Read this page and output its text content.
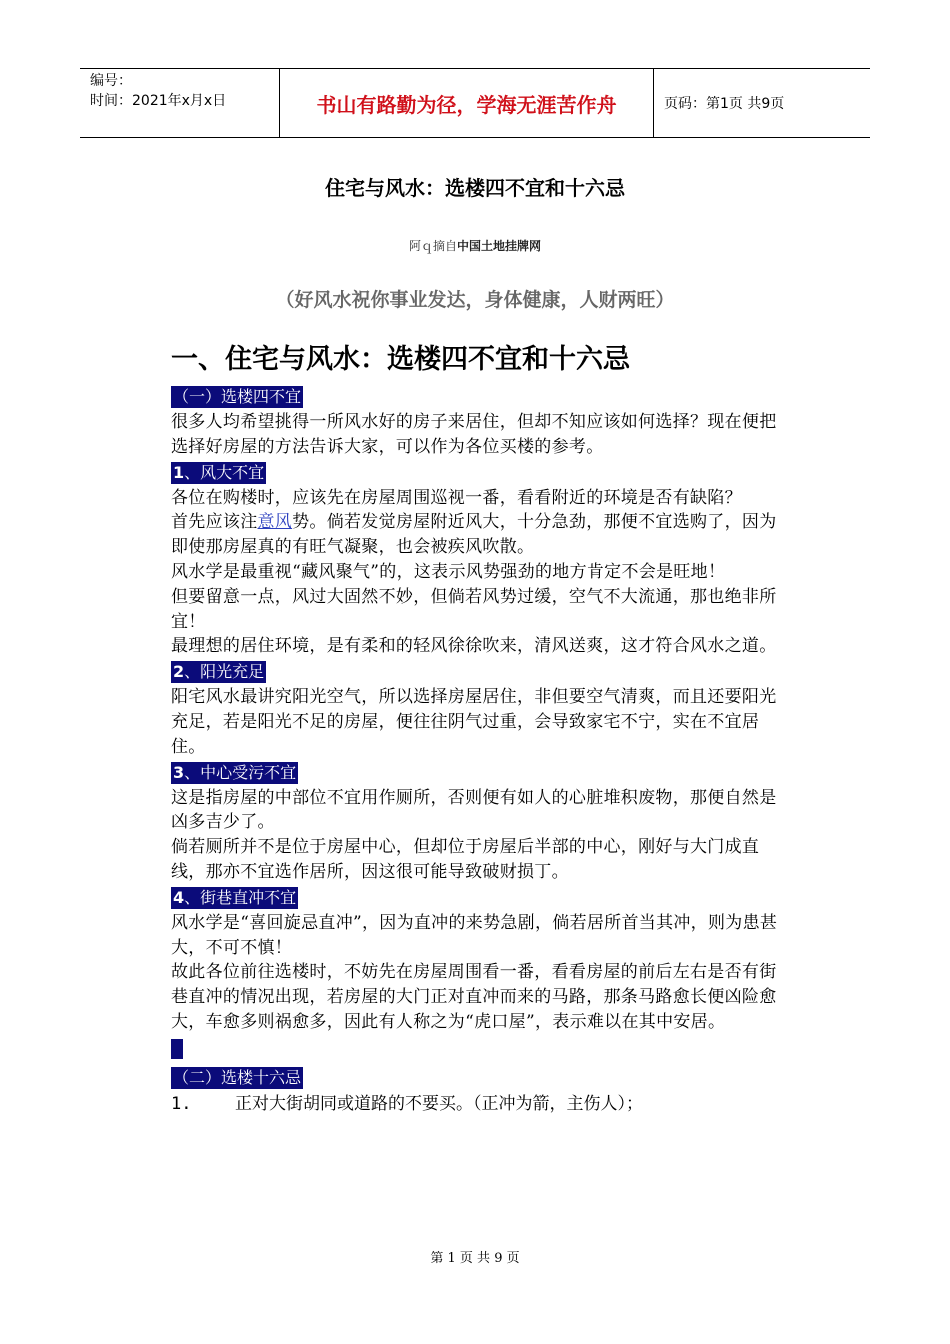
编号：
时间：2021年x月x日	书山有路勤为径，学海无涯苦作舟	页码：第1页 共9页
住宅与风水：选楼四不宜和十六忌
阿ｑ摘自中国土地挂牌网
（好风水祝你事业发达，身体健康，人财两旺）
一、住宅与风水：选楼四不宜和十六忌
（一）选楼四不宜

很多人均希望挑得一所风水好的房子来居住，但却不知应该如何选择？现在便把选择好房屋的方法告诉大家，可以作为各位买楼的参考。

1、风大不宜

各位在购楼时，应该先在房屋周围巡视一番，看看附近的环境是否有缺陷？

首先应该注意风势。倘若发觉房屋附近风大，十分急劲，那便不宜选购了，因为即使那房屋真的有旺气凝聚，也会被疾风吹散。

风水学是最重视“藏风聚气”的，这表示风势强劲的地方肯定不会是旺地！

但要留意一点，风过大固然不妙，但倘若风势过缓，空气不大流通，那也绝非所宜！

最理想的居住环境，是有柔和的轻风徐徐吹来，清风送爽，这才符合风水之道。

2、阳光充足

阳宅风水最讲究阳光空气，所以选择房屋居住，非但要空气清爽，而且还要阳光充足，若是阳光不足的房屋，便往往阴气过重，会导致家宅不宁，实在不宜居住。

3、中心受污不宜

这是指房屋的中部位不宜用作厕所，否则便有如人的心脏堆积废物，那便自然是凶多吉少了。

倘若厕所并不是位于房屋中心，但却位于房屋后半部的中心，刚好与大门成直线，那亦不宜选作居所，因这很可能导致破财损丁。

4、街巷直冲不宜

风水学是“喜回旋忌直冲”，因为直冲的来势急剧，倘若居所首当其冲，则为患甚大，不可不慎！

故此各位前往选楼时，不妨先在房屋周围看一番，看看房屋的前后左右是否有街巷直冲的情况出现，若房屋的大门正对直冲而来的马路，那条马路愈长便凶险愈大，车愈多则祸愈多，因此有人称之为“虎口屋”，表示难以在其中安居。

（二）选楼十六忌
1.	正对大街胡同或道路的不要买。（正冲为箭，主伤人）；
第 1 页 共 9 页
